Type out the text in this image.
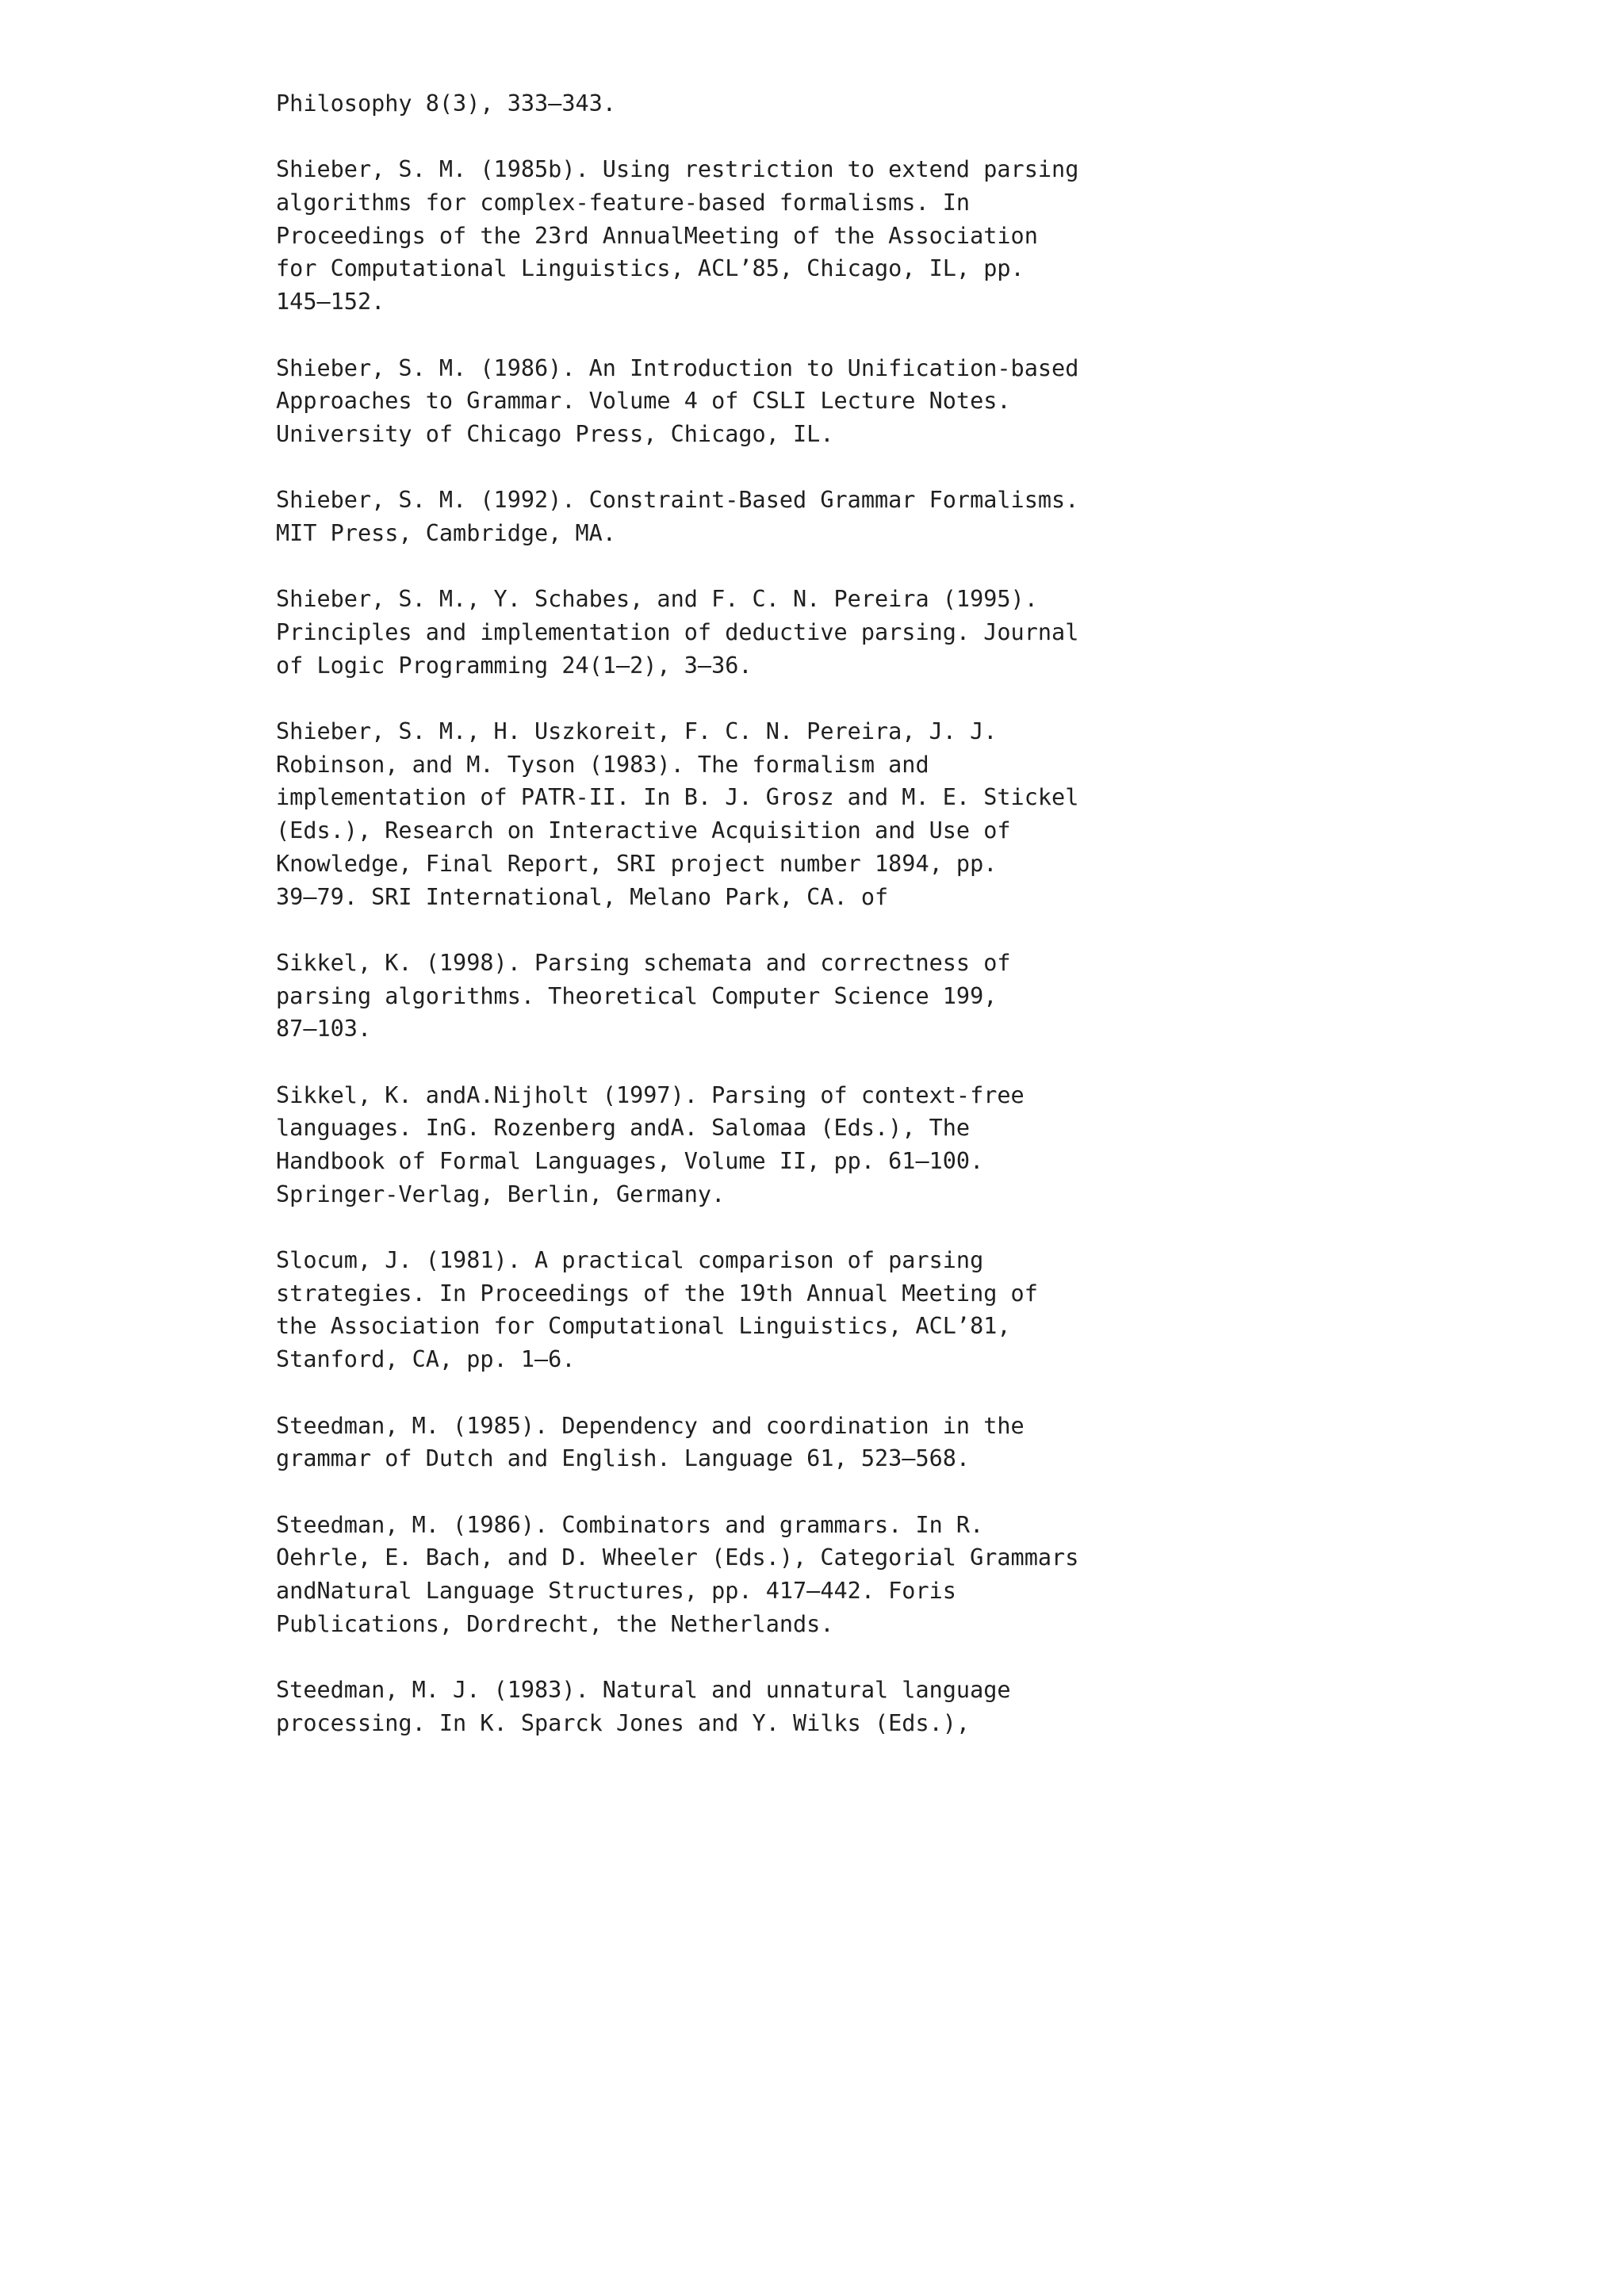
Philosophy 8(3), 333–343.
Shieber, S. M. (1985b). Using restriction to extend parsing
algorithms for complex-feature-based formalisms. In
Proceedings of the 23rd AnnualMeeting of the Association
for Computational Linguistics, ACL’85, Chicago, IL, pp.
145–152.
Shieber, S. M. (1986). An Introduction to Unification-based
Approaches to Grammar. Volume 4 of CSLI Lecture Notes.
University of Chicago Press, Chicago, IL.
Shieber, S. M. (1992). Constraint-Based Grammar Formalisms.
MIT Press, Cambridge, MA.
Shieber, S. M., Y. Schabes, and F. C. N. Pereira (1995).
Principles and implementation of deductive parsing. Journal
of Logic Programming 24(1–2), 3–36.
Shieber, S. M., H. Uszkoreit, F. C. N. Pereira, J. J.
Robinson, and M. Tyson (1983). The formalism and
implementation of PATR-II. In B. J. Grosz and M. E. Stickel
(Eds.), Research on Interactive Acquisition and Use of
Knowledge, Final Report, SRI project number 1894, pp.
39–79. SRI International, Melano Park, CA. of
Sikkel, K. (1998). Parsing schemata and correctness of
parsing algorithms. Theoretical Computer Science 199,
87–103.
Sikkel, K. andA.Nijholt (1997). Parsing of context-free
languages. InG. Rozenberg andA. Salomaa (Eds.), The
Handbook of Formal Languages, Volume II, pp. 61–100.
Springer-Verlag, Berlin, Germany.
Slocum, J. (1981). A practical comparison of parsing
strategies. In Proceedings of the 19th Annual Meeting of
the Association for Computational Linguistics, ACL’81,
Stanford, CA, pp. 1–6.
Steedman, M. (1985). Dependency and coordination in the
grammar of Dutch and English. Language 61, 523–568.
Steedman, M. (1986). Combinators and grammars. In R.
Oehrle, E. Bach, and D. Wheeler (Eds.), Categorial Grammars
andNatural Language Structures, pp. 417–442. Foris
Publications, Dordrecht, the Netherlands.
Steedman, M. J. (1983). Natural and unnatural language
processing. In K. Sparck Jones and Y. Wilks (Eds.),
